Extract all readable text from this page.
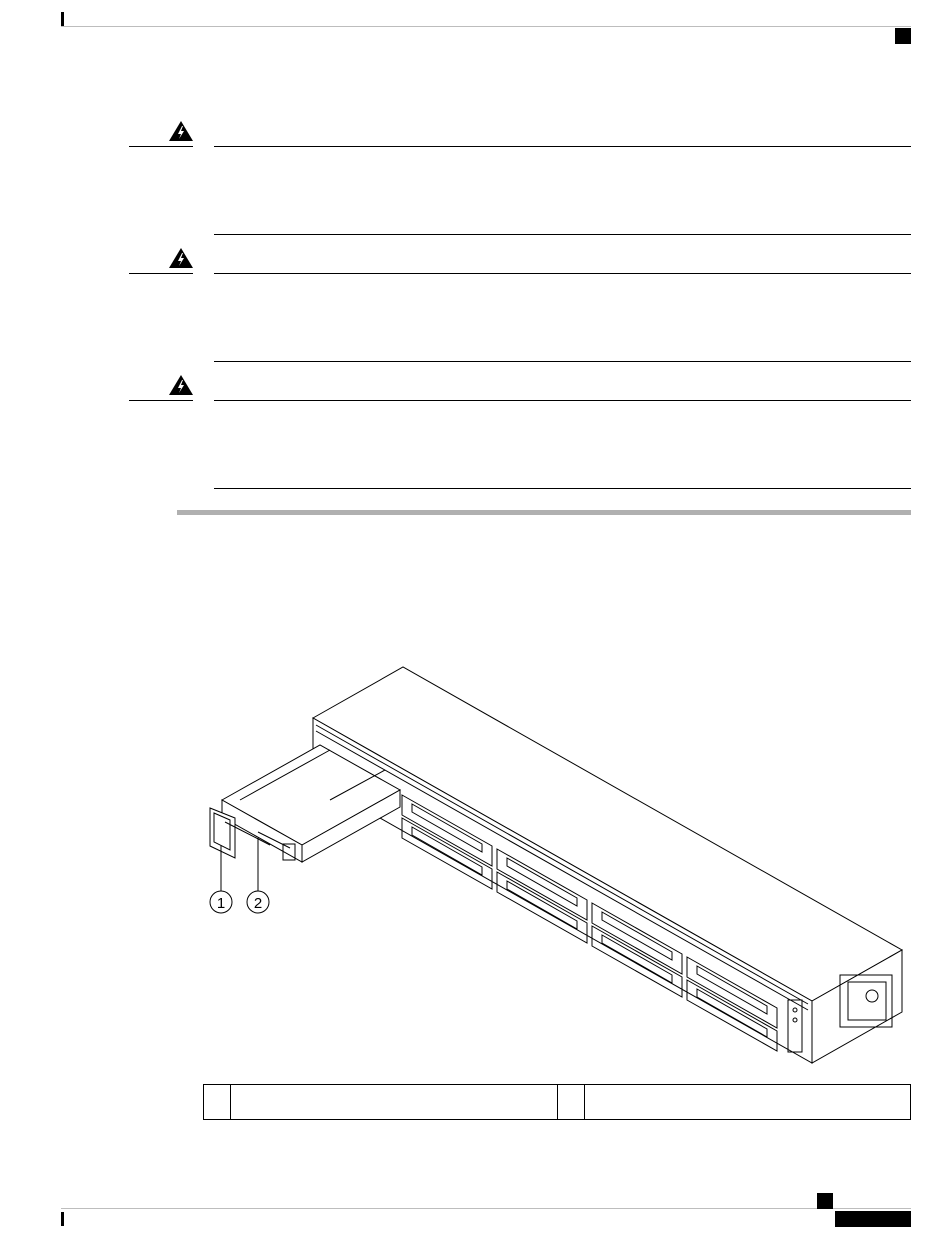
1 2
